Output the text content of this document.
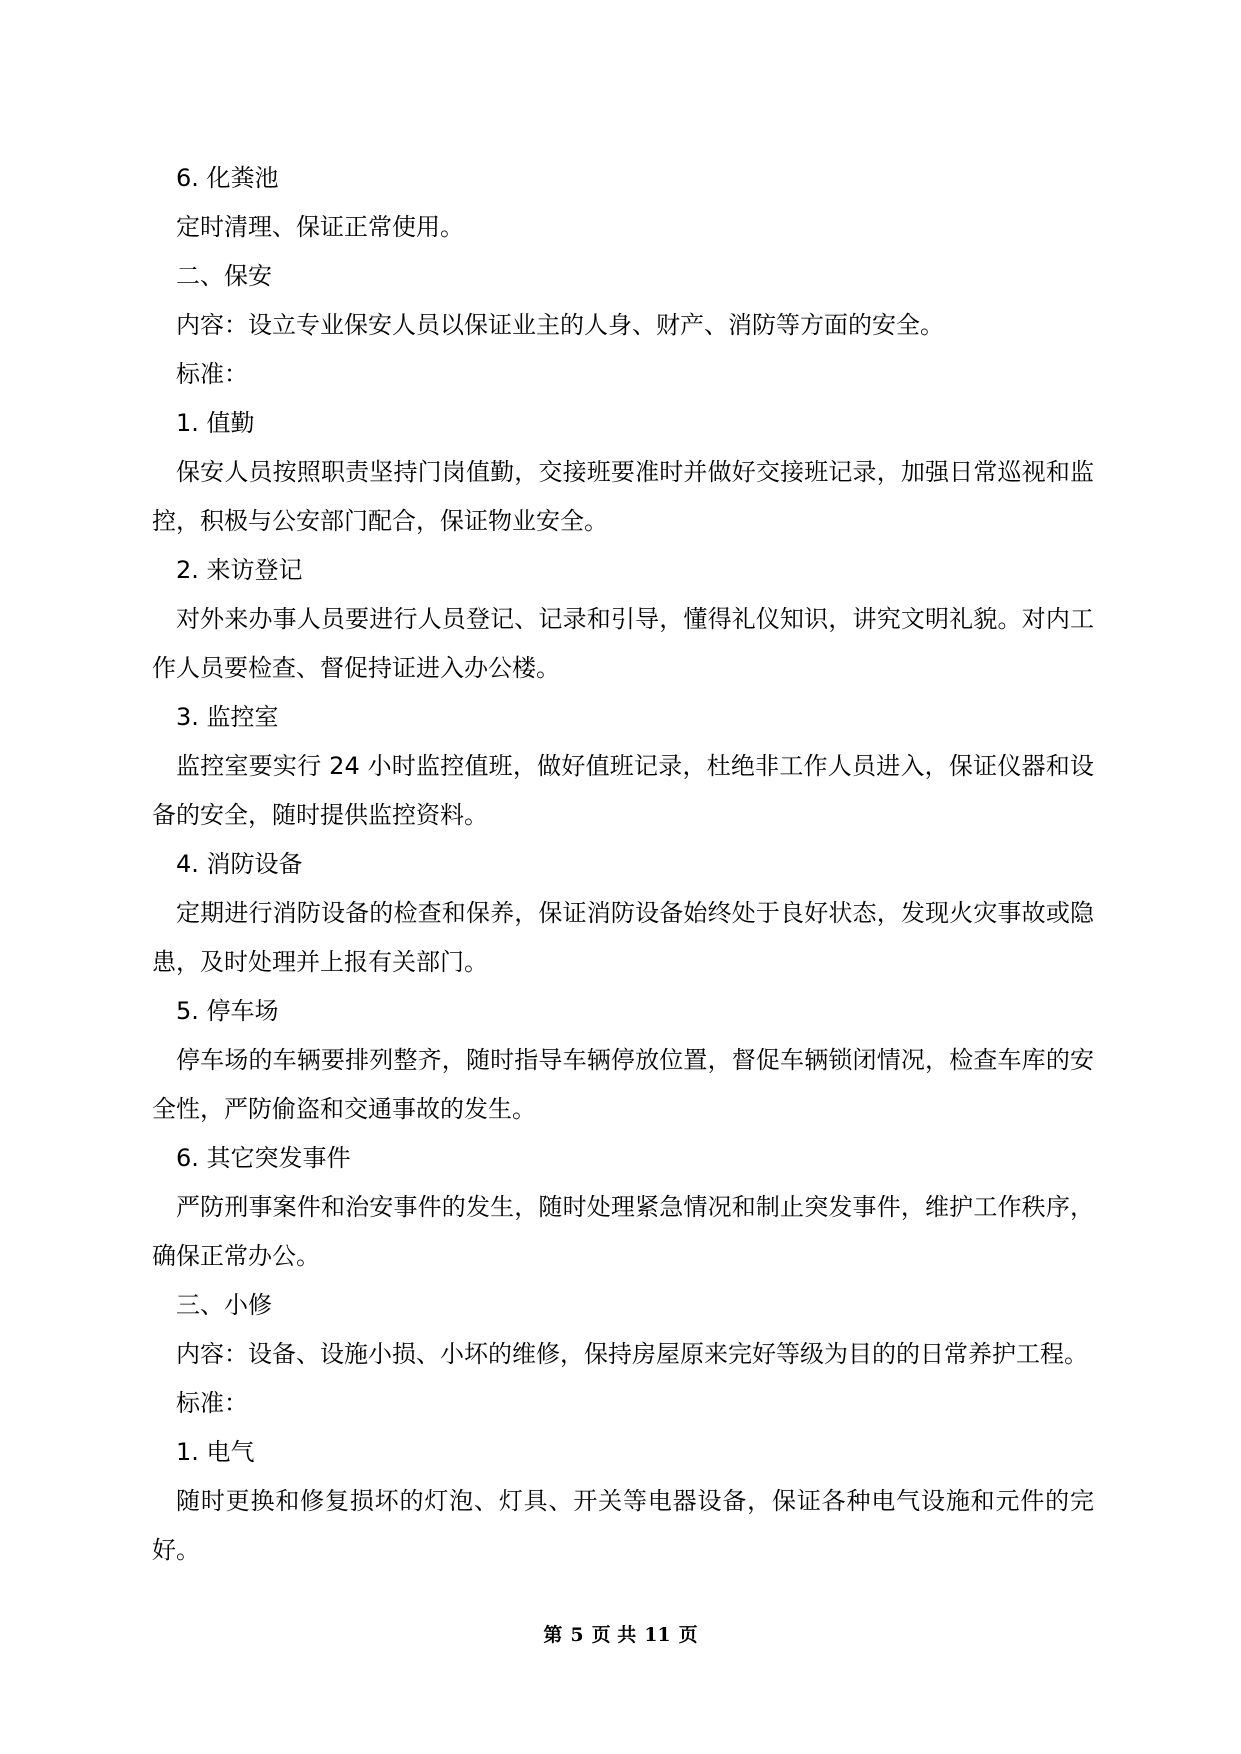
6. 化粪池

定时清理、保证正常使用。

二、保安

内容：设立专业保安人员以保证业主的人身、财产、消防等方面的安全。

标准：

1. 值勤

保安人员按照职责坚持门岗值勤，交接班要准时并做好交接班记录，加强日常巡视和监控，积极与公安部门配合，保证物业安全。

2. 来访登记

对外来办事人员要进行人员登记、记录和引导，懂得礼仪知识，讲究文明礼貌。对内工作人员要检查、督促持证进入办公楼。

3. 监控室

监控室要实行 24 小时监控值班，做好值班记录，杜绝非工作人员进入，保证仪器和设备的安全，随时提供监控资料。

4. 消防设备

定期进行消防设备的检查和保养，保证消防设备始终处于良好状态，发现火灾事故或隐患，及时处理并上报有关部门。

5. 停车场

停车场的车辆要排列整齐，随时指导车辆停放位置，督促车辆锁闭情况，检查车库的安全性，严防偷盗和交通事故的发生。

6. 其它突发事件

严防刑事案件和治安事件的发生，随时处理紧急情况和制止突发事件，维护工作秩序，确保正常办公。

三、小修

内容：设备、设施小损、小坏的维修，保持房屋原来完好等级为目的的日常养护工程。

标准：

1. 电气

随时更换和修复损坏的灯泡、灯具、开关等电器设备，保证各种电气设施和元件的完好。

第 5 页 共 11 页
